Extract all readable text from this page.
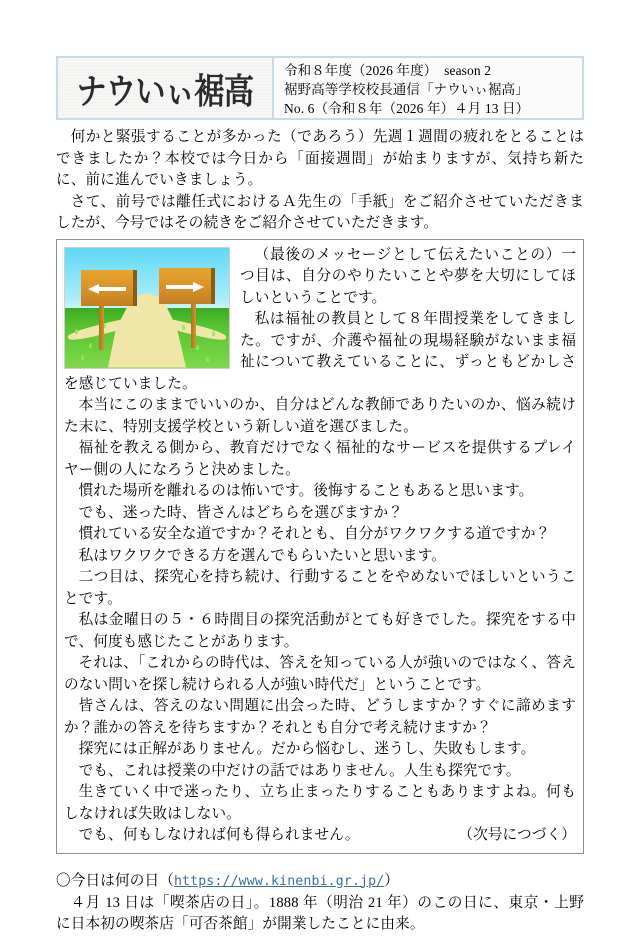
ナウいぃ裾高
令和８年度（2026 年度）　season 2
裾野高等学校校長通信「ナウいぃ裾高」
No. 6（令和８年（2026 年）４月 13 日）

何かと緊張することが多かった（であろう）先週１週間の疲れをとることはできましたか？本校では今日から「面接週間」が始まりますが、気持ち新たに、前に進んでいきましょう。

さて、前号では離任式におけるＡ先生の「手紙」をご紹介させていただきましたが、今号ではその続きをご紹介させていただきます。

（最後のメッセージとして伝えたいことの）一つ目は、自分のやりたいことや夢を大切にしてほしいということです。

私は福祉の教員として８年間授業をしてきました。ですが、介護や福祉の現場経験がないまま福祉について教えていることに、ずっともどかしさを感じていました。

本当にこのままでいいのか、自分はどんな教師でありたいのか、悩み続けた末に、特別支援学校という新しい道を選びました。

福祉を教える側から、教育だけでなく福祉的なサービスを提供するプレイヤー側の人になろうと決めました。

慣れた場所を離れるのは怖いです。後悔することもあると思います。

でも、迷った時、皆さんはどちらを選びますか？

慣れている安全な道ですか？それとも、自分がワクワクする道ですか？

私はワクワクできる方を選んでもらいたいと思います。

二つ目は、探究心を持ち続け、行動することをやめないでほしいということです。

私は金曜日の５・６時間目の探究活動がとても好きでした。探究をする中で、何度も感じたことがあります。

それは、「これからの時代は、答えを知っている人が強いのではなく、答えのない問いを探し続けられる人が強い時代だ」ということです。

皆さんは、答えのない問題に出会った時、どうしますか？すぐに諦めますか？誰かの答えを待ちますか？それとも自分で考え続けますか？

探究には正解がありません。だから悩むし、迷うし、失敗もします。

でも、これは授業の中だけの話ではありません。人生も探究です。

生きていく中で迷ったり、立ち止まったりすることもありますよね。何もしなければ失敗はしない。

でも、何もしなければ何も得られません。	（次号につづく）

〇今日は何の日（https://www.kinenbi.gr.jp/）

４月 13 日は「喫茶店の日」。1888 年（明治 21 年）のこの日に、東京・上野に日本初の喫茶店「可否茶館」が開業したことに由来。
